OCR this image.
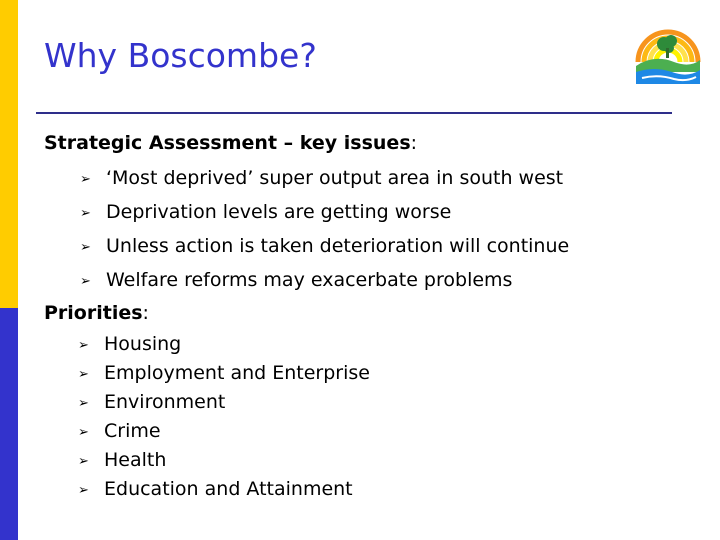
Why Boscombe?
Strategic Assessment – key issues:
➢ ‘Most deprived’ super output area in south west
➢ Deprivation levels are getting worse
➢ Unless action is taken deterioration will continue
➢ Welfare reforms may exacerbate problems
Priorities:
➢ Housing
➢ Employment and Enterprise
➢ Environment
➢ Crime
➢ Health
➢ Education and Attainment
